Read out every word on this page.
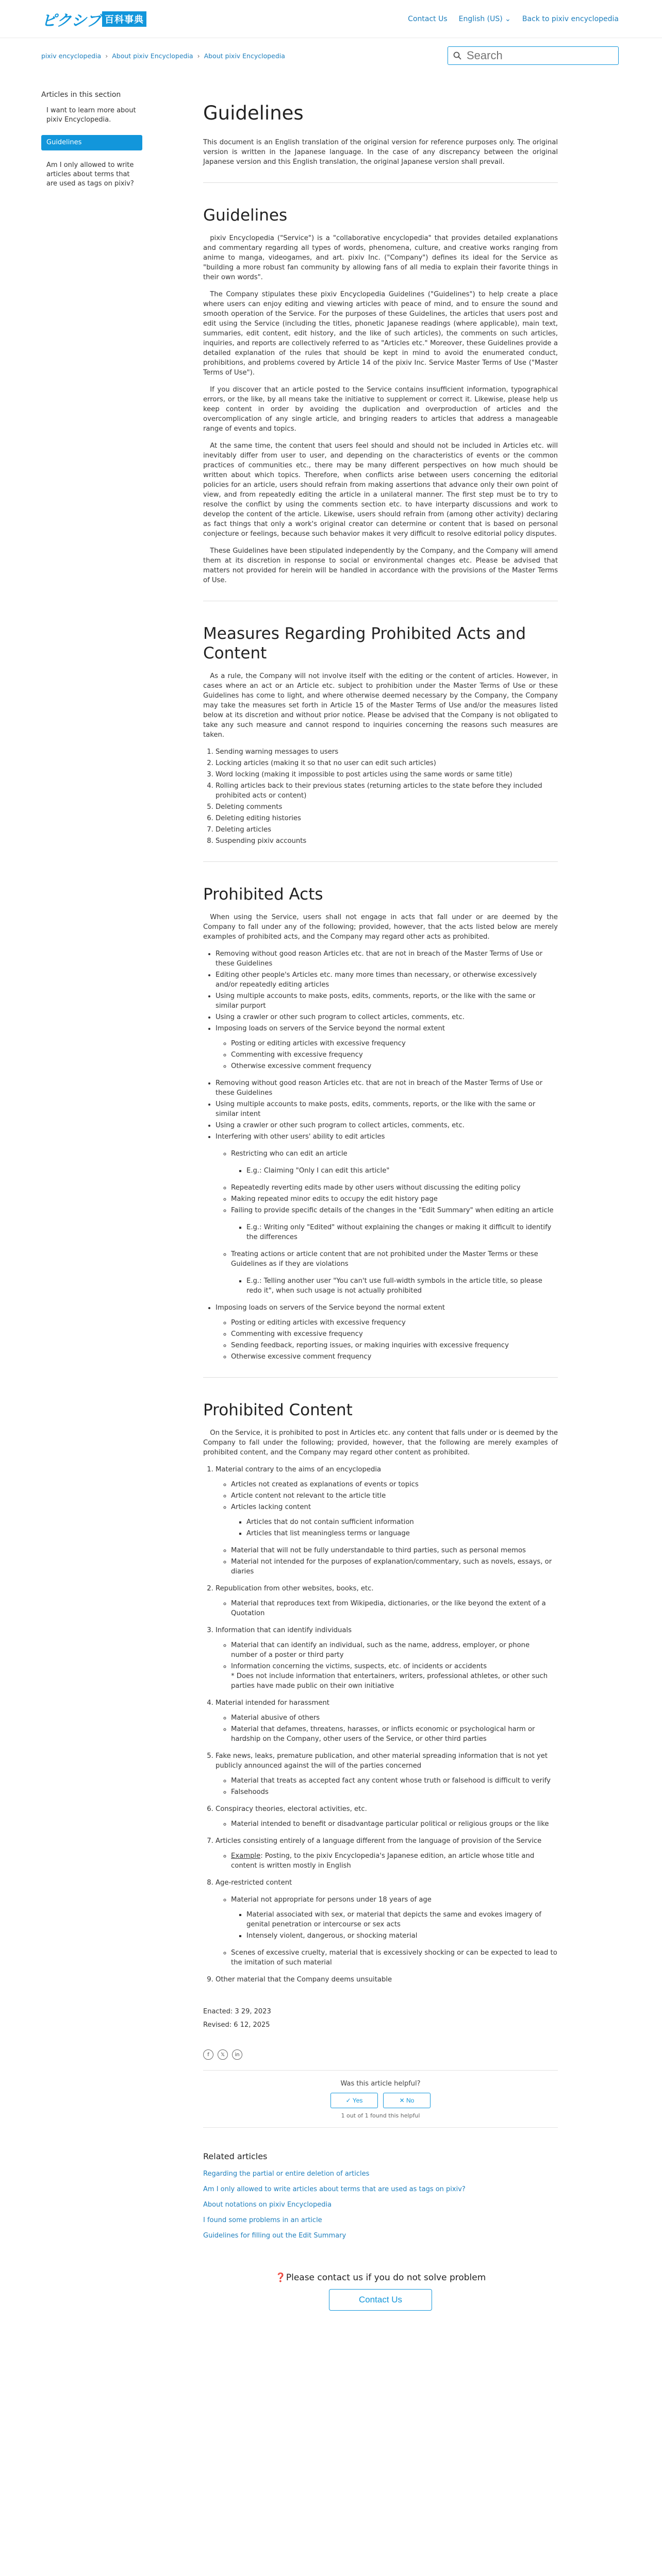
ピクシブ 百科事典	Contact Us English (US) ⌄ Back to pixiv encyclopedia
pixiv encyclopedia › About pixiv Encyclopedia › About pixiv Encyclopedia
Search
Articles in this section
I want to learn more about pixiv Encyclopedia.
Guidelines
Am I only allowed to write articles about terms that are used as tags on pixiv?
Guidelines

This document is an English translation of the original version for reference purposes only. The original version is written in the Japanese language. In the case of any discrepancy between the original Japanese version and this English translation, the original Japanese version shall prevail.

Guidelines

pixiv Encyclopedia ("Service") is a "collaborative encyclopedia" that provides detailed explanations and commentary regarding all types of words, phenomena, culture, and creative works ranging from anime to manga, videogames, and art. pixiv Inc. ("Company") defines its ideal for the Service as "building a more robust fan community by allowing fans of all media to explain their favorite things in their own words".

The Company stipulates these pixiv Encyclopedia Guidelines ("Guidelines") to help create a place where users can enjoy editing and viewing articles with peace of mind, and to ensure the sound and smooth operation of the Service. For the purposes of these Guidelines, the articles that users post and edit using the Service (including the titles, phonetic Japanese readings (where applicable), main text, summaries, edit content, edit history, and the like of such articles), the comments on such articles, inquiries, and reports are collectively referred to as "Articles etc." Moreover, these Guidelines provide a detailed explanation of the rules that should be kept in mind to avoid the enumerated conduct, prohibitions, and problems covered by Article 14 of the pixiv Inc. Service Master Terms of Use ("Master Terms of Use").

If you discover that an article posted to the Service contains insufficient information, typographical errors, or the like, by all means take the initiative to supplement or correct it. Likewise, please help us keep content in order by avoiding the duplication and overproduction of articles and the overcomplication of any single article, and bringing readers to articles that address a manageable range of events and topics.

At the same time, the content that users feel should and should not be included in Articles etc. will inevitably differ from user to user, and depending on the characteristics of events or the common practices of communities etc., there may be many different perspectives on how much should be written about which topics. Therefore, when conflicts arise between users concerning the editorial policies for an article, users should refrain from making assertions that advance only their own point of view, and from repeatedly editing the article in a unilateral manner. The first step must be to try to resolve the conflict by using the comments section etc. to have interparty discussions and work to develop the content of the article. Likewise, users should refrain from (among other activity) declaring as fact things that only a work's original creator can determine or content that is based on personal conjecture or feelings, because such behavior makes it very difficult to resolve editorial policy disputes.

These Guidelines have been stipulated independently by the Company, and the Company will amend them at its discretion in response to social or environmental changes etc. Please be advised that matters not provided for herein will be handled in accordance with the provisions of the Master Terms of Use.

Measures Regarding Prohibited Acts and Content

As a rule, the Company will not involve itself with the editing or the content of articles. However, in cases where an act or an Article etc. subject to prohibition under the Master Terms of Use or these Guidelines has come to light, and where otherwise deemed necessary by the Company, the Company may take the measures set forth in Article 15 of the Master Terms of Use and/or the measures listed below at its discretion and without prior notice. Please be advised that the Company is not obligated to take any such measure and cannot respond to inquiries concerning the reasons such measures are taken.

1. Sending warning messages to users
2. Locking articles (making it so that no user can edit such articles)
3. Word locking (making it impossible to post articles using the same words or same title)
4. Rolling articles back to their previous states (returning articles to the state before they included prohibited acts or content)
5. Deleting comments
6. Deleting editing histories
7. Deleting articles
8. Suspending pixiv accounts
Prohibited Acts

When using the Service, users shall not engage in acts that fall under or are deemed by the Company to fall under any of the following; provided, however, that the acts listed below are merely examples of prohibited acts, and the Company may regard other acts as prohibited.

• Removing without good reason Articles etc. that are not in breach of the Master Terms of Use or these Guidelines
• Editing other people's Articles etc. many more times than necessary, or otherwise excessively and/or repeatedly editing articles
• Using multiple accounts to make posts, edits, comments, reports, or the like with the same or similar purport
• Using a crawler or other such program to collect articles, comments, etc.
• Imposing loads on servers of the Service beyond the normal extent
◦ Posting or editing articles with excessive frequency
◦ Commenting with excessive frequency
◦ Otherwise excessive comment frequency
• Removing without good reason Articles etc. that are not in breach of the Master Terms of Use or these Guidelines
• Using multiple accounts to make posts, edits, comments, reports, or the like with the same or similar intent
• Using a crawler or other such program to collect articles, comments, etc.
• Interfering with other users' ability to edit articles
◦ Restricting who can edit an article
▪ E.g.: Claiming "Only I can edit this article"
◦ Repeatedly reverting edits made by other users without discussing the editing policy
◦ Making repeated minor edits to occupy the edit history page
◦ Failing to provide specific details of the changes in the "Edit Summary" when editing an article
▪ E.g.: Writing only "Edited" without explaining the changes or making it difficult to identify the differences
◦ Treating actions or article content that are not prohibited under the Master Terms or these Guidelines as if they are violations
▪ E.g.: Telling another user "You can't use full-width symbols in the article title, so please redo it", when such usage is not actually prohibited
• Imposing loads on servers of the Service beyond the normal extent
◦ Posting or editing articles with excessive frequency
◦ Commenting with excessive frequency
◦ Sending feedback, reporting issues, or making inquiries with excessive frequency
◦ Otherwise excessive comment frequency
Prohibited Content

On the Service, it is prohibited to post in Articles etc. any content that falls under or is deemed by the Company to fall under the following; provided, however, that the following are merely examples of prohibited content, and the Company may regard other content as prohibited.

1. Material contrary to the aims of an encyclopedia
◦ Articles not created as explanations of events or topics
◦ Article content not relevant to the article title
◦ Articles lacking content
▪ Articles that do not contain sufficient information
▪ Articles that list meaningless terms or language
◦ Material that will not be fully understandable to third parties, such as personal memos
◦ Material not intended for the purposes of explanation/commentary, such as novels, essays, or diaries
2. Republication from other websites, books, etc.
◦ Material that reproduces text from Wikipedia, dictionaries, or the like beyond the extent of a Quotation
3. Information that can identify individuals
◦ Material that can identify an individual, such as the name, address, employer, or phone number of a poster or third party
◦ Information concerning the victims, suspects, etc. of incidents or accidents
* Does not include information that entertainers, writers, professional athletes, or other such parties have made public on their own initiative
4. Material intended for harassment
◦ Material abusive of others
◦ Material that defames, threatens, harasses, or inflicts economic or psychological harm or hardship on the Company, other users of the Service, or other third parties
5. Fake news, leaks, premature publication, and other material spreading information that is not yet publicly announced against the will of the parties concerned
◦ Material that treats as accepted fact any content whose truth or falsehood is difficult to verify
◦ Falsehoods
6. Conspiracy theories, electoral activities, etc.
◦ Material intended to benefit or disadvantage particular political or religious groups or the like
7. Articles consisting entirely of a language different from the language of provision of the Service
◦ Example: Posting, to the pixiv Encyclopedia's Japanese edition, an article whose title and content is written mostly in English
8. Age-restricted content
◦ Material not appropriate for persons under 18 years of age
▪ Material associated with sex, or material that depicts the same and evokes imagery of genital penetration or intercourse or sex acts
▪ Intensely violent, dangerous, or shocking material
◦ Scenes of excessive cruelty, material that is excessively shocking or can be expected to lead to the imitation of such material
9. Other material that the Company deems unsuitable
Enacted: 3 29, 2023
Revised: 6 12, 2025
f	𝕏	in
Was this article helpful?
✓ Yes	✕ No
1 out of 1 found this helpful
Related articles
Regarding the partial or entire deletion of articles
Am I only allowed to write articles about terms that are used as tags on pixiv?
About notations on pixiv Encyclopedia
I found some problems in an article
Guidelines for filling out the Edit Summary
❓Please contact us if you do not solve problem
Contact Us
